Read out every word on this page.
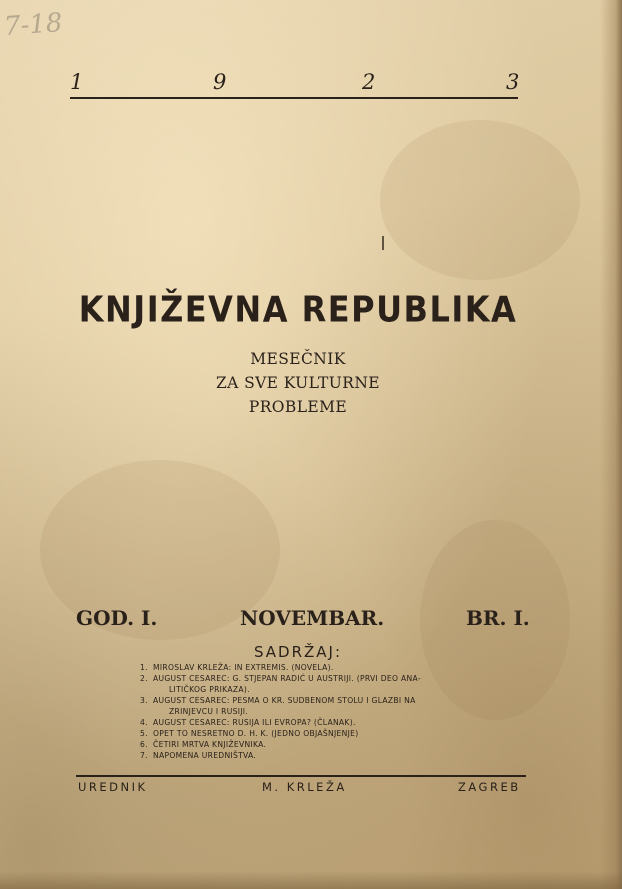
7-18
1	9	2	3
KNJIŽEVNA REPUBLIKA
MESEČNIK
ZA SVE KULTURNE
PROBLEME
GOD. I.	NOVEMBAR.	BR. I.
SADRŽAJ:
1. MIROSLAV KRLEŽA: IN EXTREMIS. (NOVELA).
2. AUGUST CESAREC: G. STJEPAN RADIĆ U AUSTRIJI. (PRVI DEO ANA-
LITIČKOG PRIKAZA).
3. AUGUST CESAREC: PESMA O KR. SUDBENOM STOLU I GLAZBI NA
ZRINJEVCU I RUSIJI.
4. AUGUST CESAREC: RUSIJA ILI EVROPA? (ČLANAK).
5. OPET TO NESRETNO D. H. K. (JEDNO OBJAŠNJENJE)
6. ČETIRI MRTVA KNJIŽEVNIKA.
7. NAPOMENA UREDNIŠTVA.
UREDNIK	M. KRLEŽA	ZAGREB
